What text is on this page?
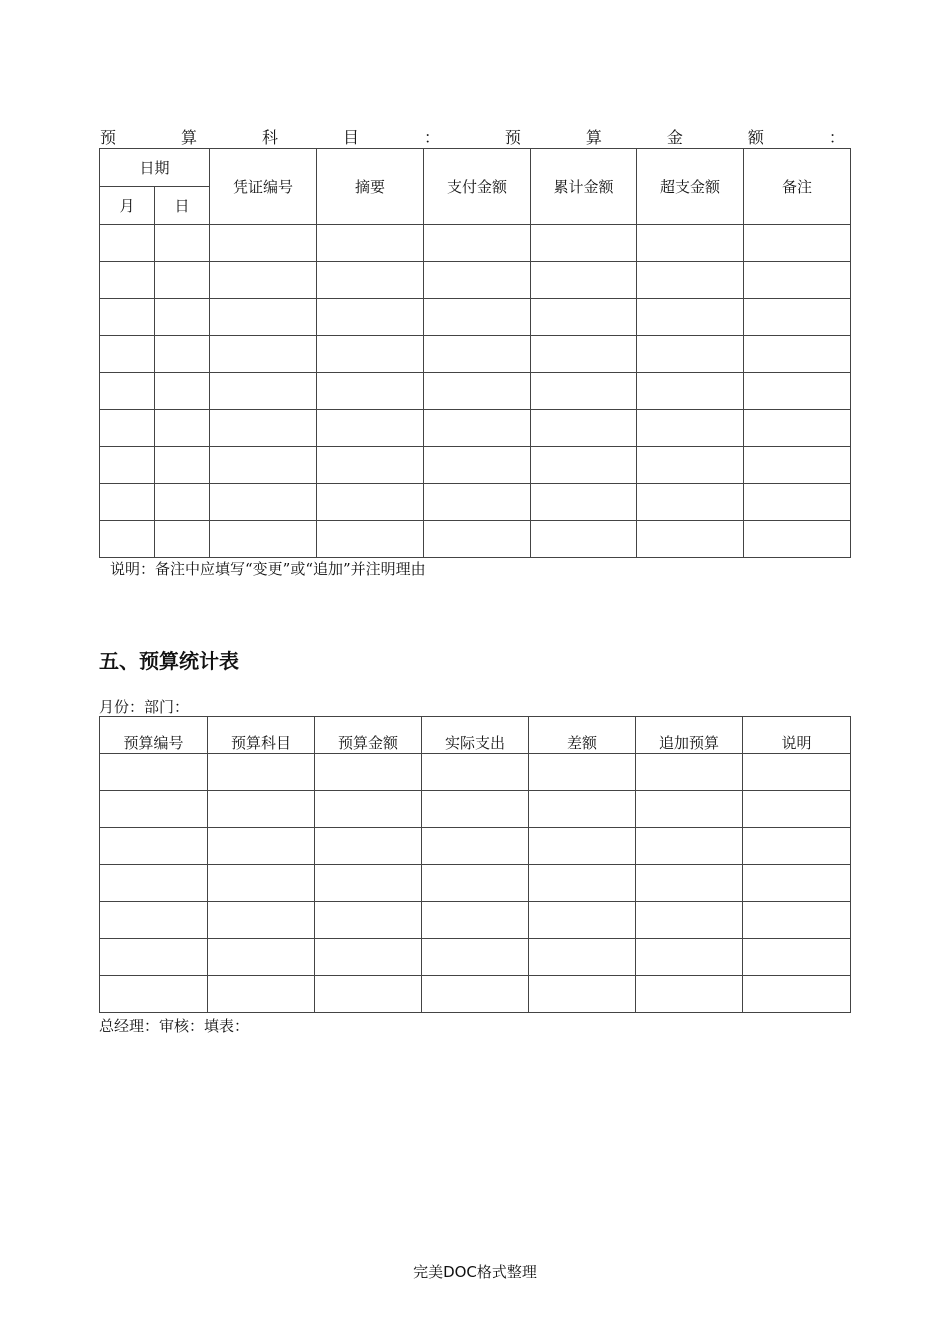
预	算	科	目	：	预	算	金	额	：
日期		凭证编号	摘要	支付金额	累计金额	超支金额	备注
月	日						

说明：备注中应填写“变更”或“追加”并注明理由
五、预算统计表
月份：部门：
预算编号	预算科目	预算金额	实际支出	差额	追加预算	说明

总经理：审核：填表：
完美DOC格式整理
